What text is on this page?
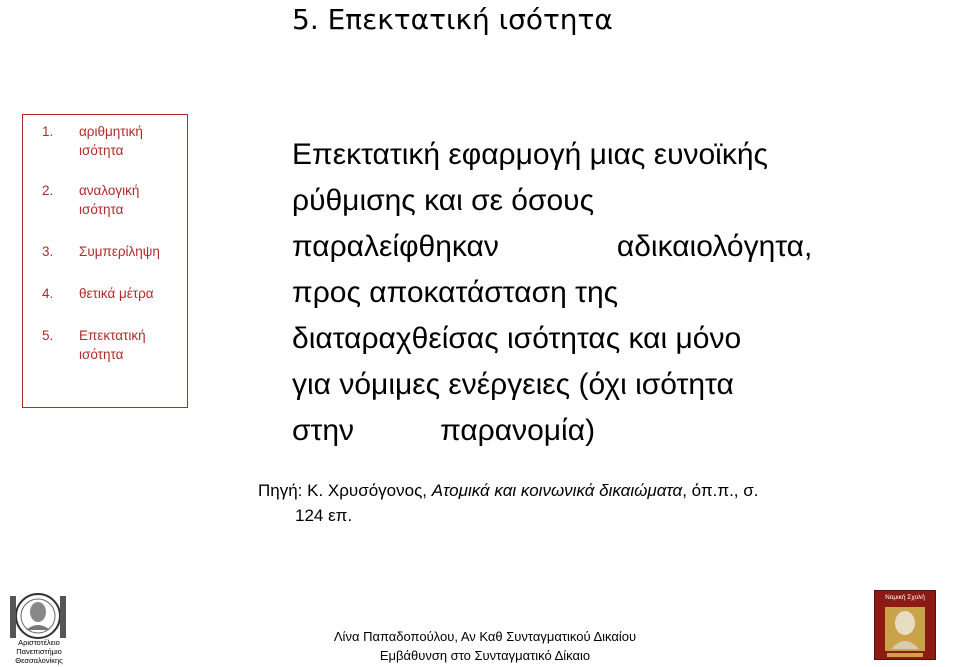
5. Επεκτατική ισότητα
1. αριθμητική ισότητα
2. αναλογική ισότητα
3. Συμπερίληψη
4. θετικά μέτρα
5. Επεκτατική ισότητα
Επεκτατική εφαρμογή μιας ευνοϊκής
ρύθμισης και σε όσους
παραλείφθηκαν	αδικαιολόγητα,
προς αποκατάσταση της
διαταραχθείσας ισότητας και μόνο
για νόμιμες ενέργειες (όχι ισότητα
στην	παρανομία)
Πηγή: Κ. Χρυσόγονος, Ατομικά και κοινωνικά δικαιώματα, όπ.π., σ.
124 επ.
Αριστοτέλειο
Πανεπιστήμιο
Θεσσαλονίκης
Λίνα Παπαδοπούλου, Αν Καθ Συνταγματικού Δικαίου
Εμβάθυνση στο Συνταγματικό Δίκαιο
Νομική Σχολή
